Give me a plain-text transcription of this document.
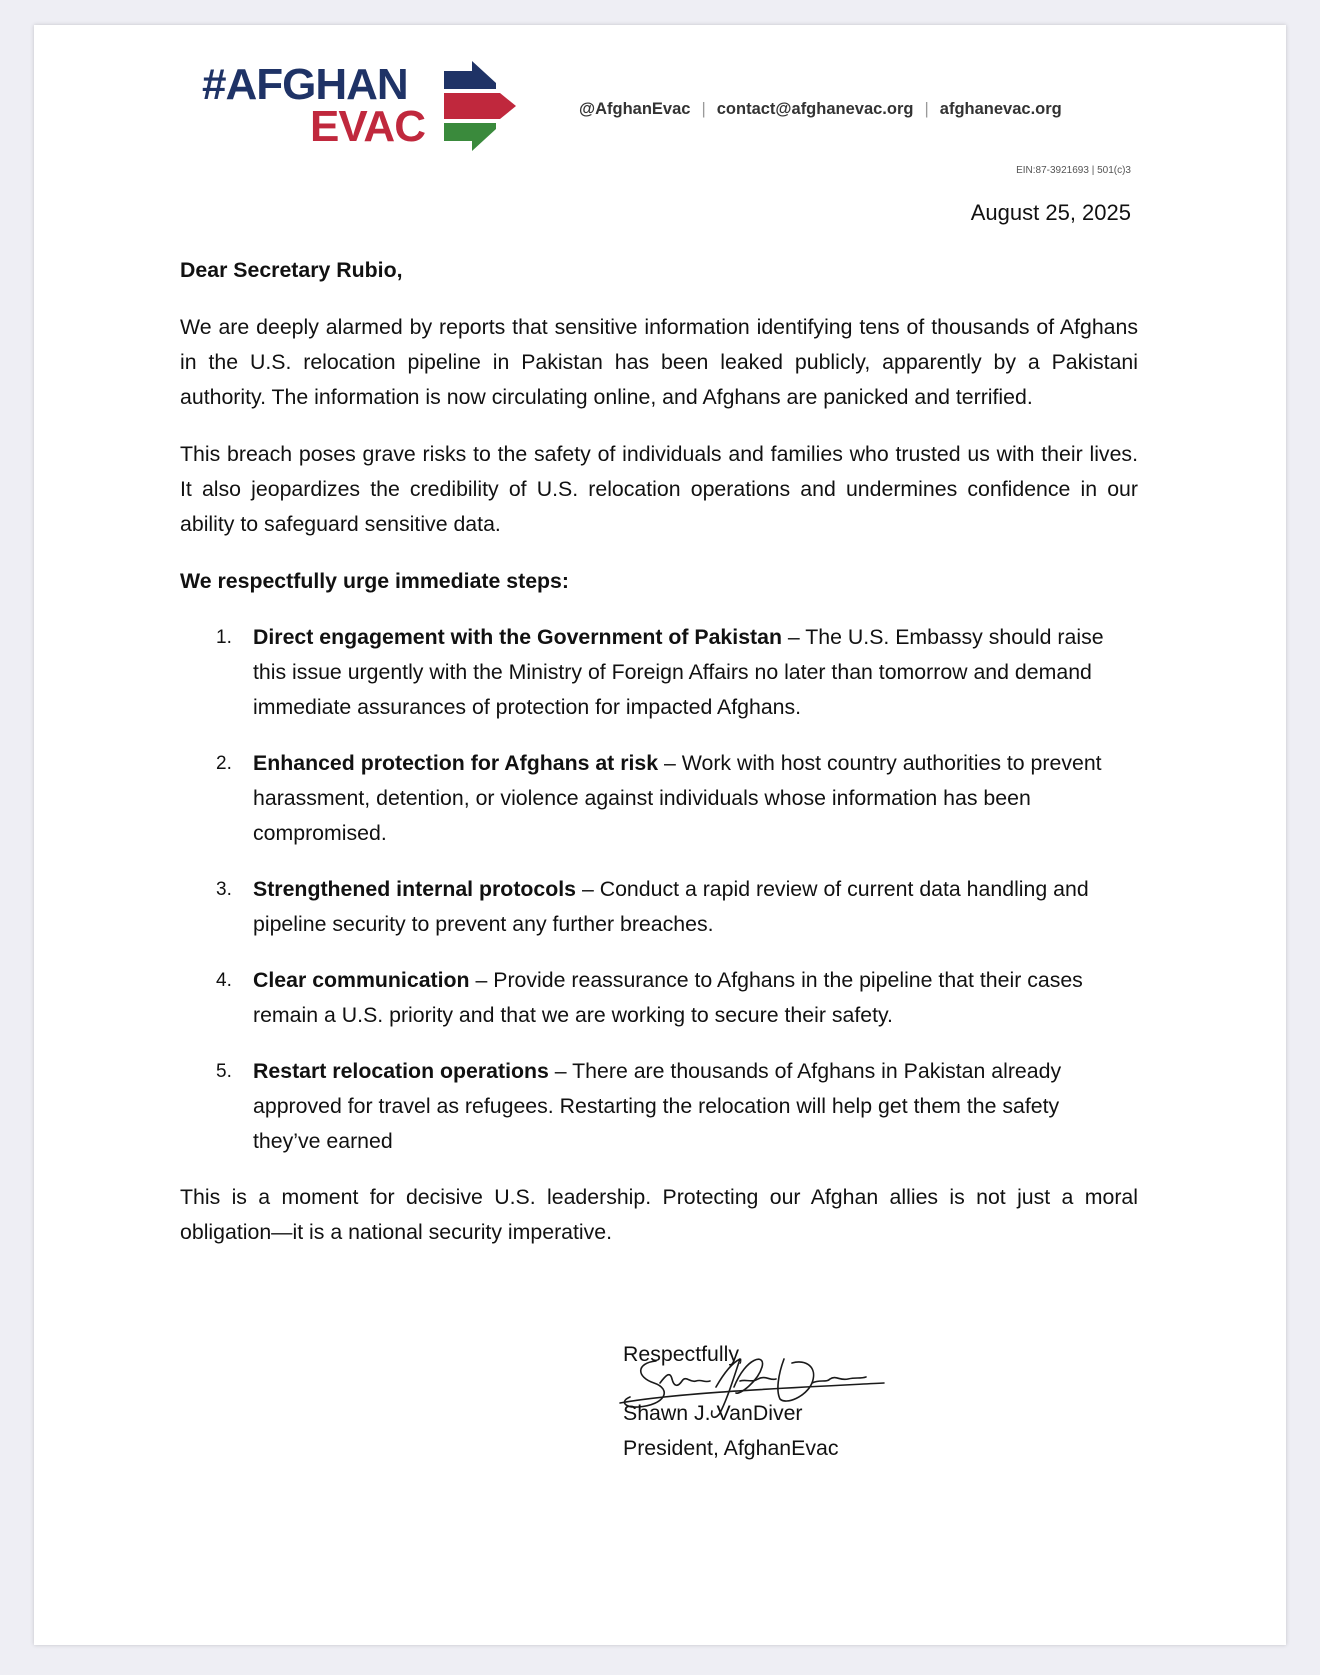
#AFGHAN
EVAC	@AfghanEvac | contact@afghanevac.org | afghanevac.org
EIN:87-3921693 | 501(c)3
August 25, 2025

Dear Secretary Rubio,

We are deeply alarmed by reports that sensitive information identifying tens of thousands of Afghans in the U.S. relocation pipeline in Pakistan has been leaked publicly, apparently by a Pakistani authority. The information is now circulating online, and Afghans are panicked and terrified.

This breach poses grave risks to the safety of individuals and families who trusted us with their lives. It also jeopardizes the credibility of U.S. relocation operations and undermines confidence in our ability to safeguard sensitive data.

We respectfully urge immediate steps:

1. Direct engagement with the Government of Pakistan – The U.S. Embassy should raise this issue urgently with the Ministry of Foreign Affairs no later than tomorrow and demand immediate assurances of protection for impacted Afghans.
2. Enhanced protection for Afghans at risk – Work with host country authorities to prevent harassment, detention, or violence against individuals whose information has been compromised.
3. Strengthened internal protocols – Conduct a rapid review of current data handling and pipeline security to prevent any further breaches.
4. Clear communication – Provide reassurance to Afghans in the pipeline that their cases remain a U.S. priority and that we are working to secure their safety.
5. Restart relocation operations – There are thousands of Afghans in Pakistan already approved for travel as refugees. Restarting the relocation will help get them the safety they’ve earned

This is a moment for decisive U.S. leadership. Protecting our Afghan allies is not just a moral obligation—it is a national security imperative.

Respectfully,
Shawn J. VanDiver
President, AfghanEvac
